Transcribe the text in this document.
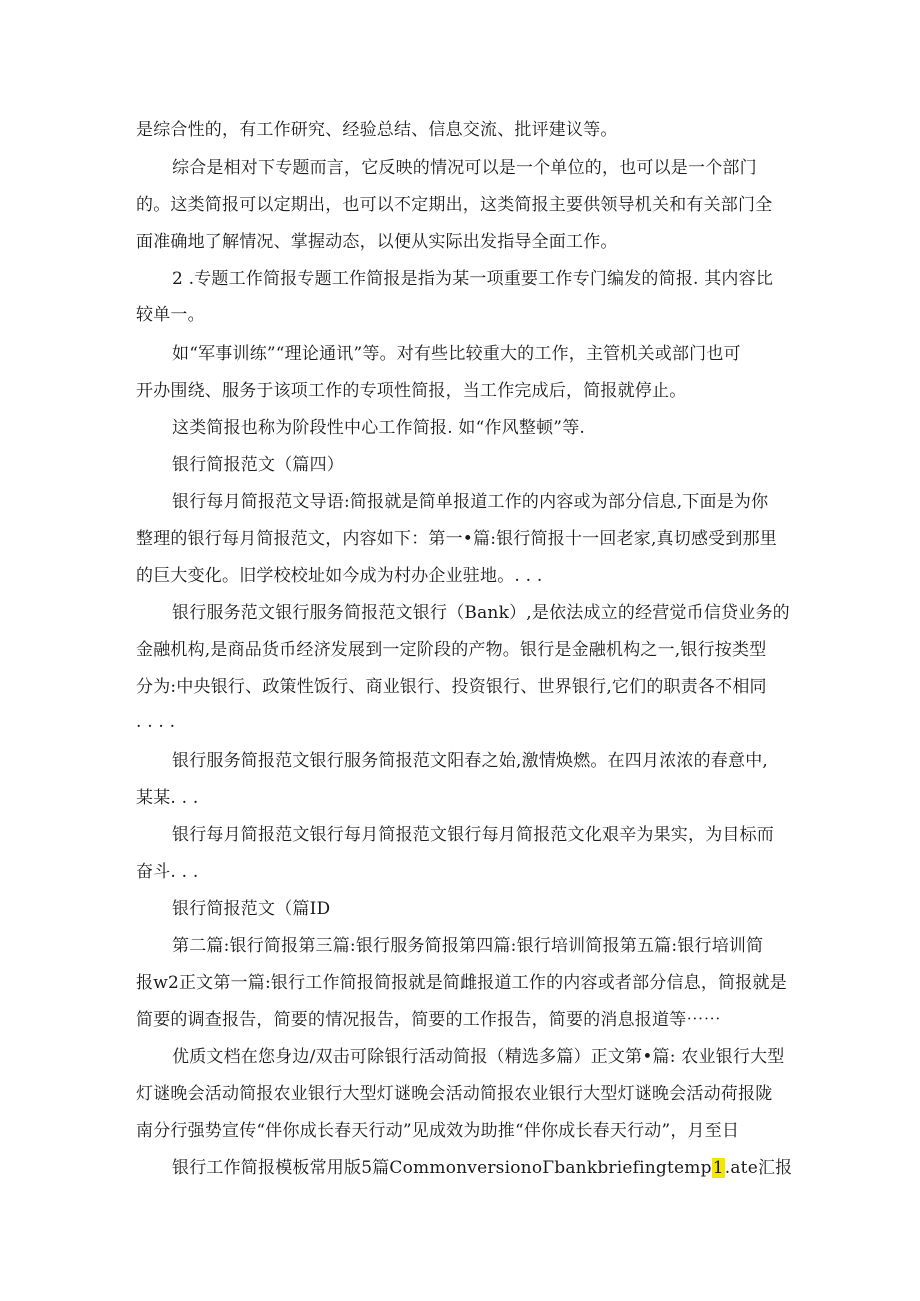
是综合性的，有工作研究、经验总结、信息交流、批评建议等。
综合是相对下专题而言，它反映的情况可以是一个单位的，也可以是一个部门
的。这类简报可以定期出，也可以不定期出，这类简报主要供领导机关和有关部门全
面准确地了解情况、掌握动态，以便从实际出发指导全面工作。
2 .专题工作简报专题工作简报是指为某一项重要工作专门编发的简报. 其内容比
较单一。
如“军事训练”“理论通讯”等。对有些比较重大的工作，主管机关或部门也可
开办围绕、服务于该项工作的专项性简报，当工作完成后，简报就停止。
这类简报也称为阶段性中心工作简报. 如“作风整顿”等.
银行简报范文（篇四）
银行每月简报范文导语:简报就是简单报道工作的内容或为部分信息,下面是为你
整理的银行每月简报范文，内容如下：第一•篇:银行简报十一回老家,真切感受到那里
的巨大变化。旧学校校址如今成为村办企业驻地。. . .
银行服务范文银行服务简报范文银行（Bank）,是依法成立的经营觉币信贷业务的
金融机构,是商品货币经济发展到一定阶段的产物。银行是金融机构之一,银行按类型
分为:中央银行、政策性饭行、商业银行、投资银行、世界银行,它们的职责各不相同
. . . .
银行服务简报范文银行服务简报范文阳春之始,激情焕燃。在四月浓浓的春意中,
某某. . .
银行每月简报范文银行每月简报范文银行每月简报范文化艰辛为果实，为目标而
奋斗. . .
银行简报范文（篇ID
第二篇:银行简报第三篇:银行服务简报第四篇:银行培训简报第五篇:银行培训简
报w2正文第一篇:银行工作简报简报就是简雌报道工作的内容或者部分信息，简报就是
简要的调查报告，简要的情况报告，简要的工作报告，简要的消息报道等⋯⋯
优质文档在您身边/双击可除银行活动简报（精选多篇）正文第•篇: 农业银行大型
灯谜晚会活动简报农业银行大型灯谜晚会活动简报农业银行大型灯谜晚会活动荷报陇
南分行强势宣传“伴你成长春天行动”见成效为助推“伴你成长春天行动”，月至日
银行工作简报模板常用版5篇CommonversionoΓbankbriefingtemp1.ate汇报
